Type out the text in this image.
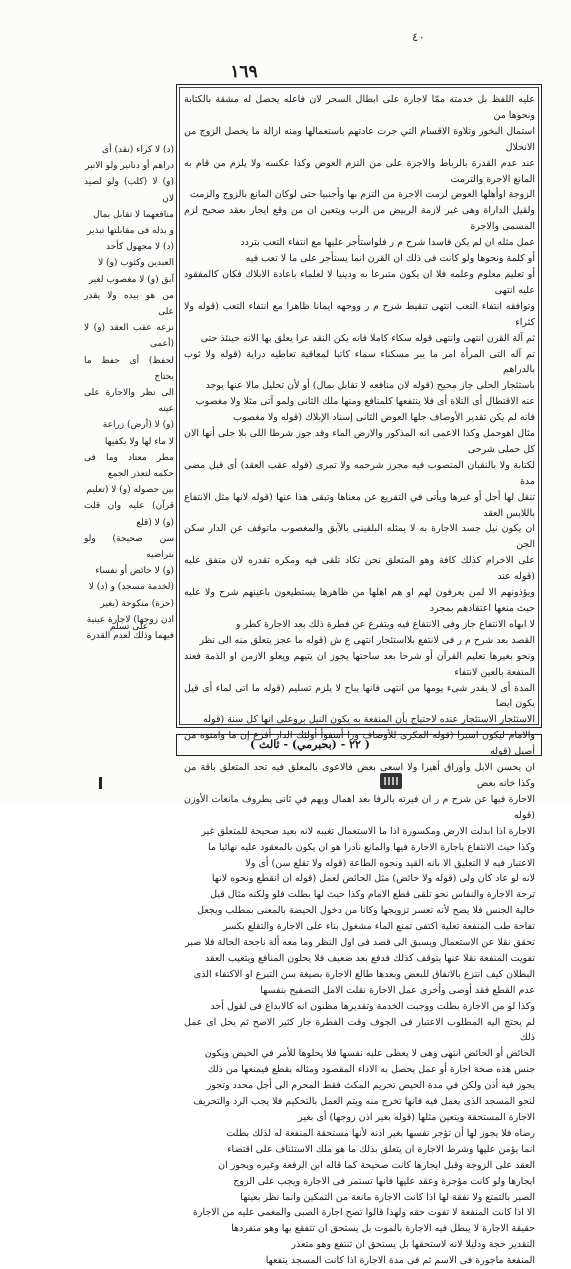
٤٠
١٦٩

عليه اللفظ بل خدمته ممّا لاجارة على ابطال السحر لان فاعله يحصل له مشقة بالكتابة ونحوها من

استمال البخور وتلاوة الاقسام التي جرت عادتهم باستعمالها ومنه ازالة ما يحصل الزوج من الانحلال

عند عدم القدرة بالرباط والاجرة على من التزم العوض وكذا عكسه ولا يلزم من قام به المانع الاجرة والترمت

الزوجة اوأهلها العوض لزمت الاجرة من التزم بها وأجنبيا حتى لوكان المانع بالزوج والزمت

ولقيل الداراة وهى غير لازمة الربيض من الرب ويتعين ان من وقع ايجار بعقد صحيح لزم المسمى والاجرة

عمل مثله ان لم يكن فاسدا شرح م ر فلواستأجر عليها مع انتفاء التعب بتردد

أو كلمة ونحوها ولو كانت فى ذلك ان القرن انما يستأجر على ما لا تعب فيه

أو تعليم معلوم وعلمه فلا ان يكون متبرعا به ودينيا لا لعلماء باعادة الابلاك فكان كالمفقود عليه انتهى

وتوافقه انتفاء التعب انتهى تنقيط شرح م ر ووجهه ايمانا ظاهرا مع انتفاء التعب (قوله ولا كثراء

ثم آلة القرن انتهى وانتهى قوله سكاء كاملا فانه يكن النقد عرا يعلق بها الانه حينئذ حتى

تم آله التى المرأة امر ما يبر مسكناء سماء كاتبا لمعاقية تعاطيه دراية (قوله ولا ثوب بالدراهم

باستئجار الحلى جاز محيح (قوله لان منافعه لا تقابل بمال) أو لأن تحليل مالا عنها يوجد

عنه الاقتطال أى التلاة أى فلا ينتفعها كلمنافع ومنها ملك الثانى ولمو آتى مثلا ولا مغصوب

فانه لم يكن تقدير الأوصاف جلها العوض الثانى إسناد الإبلاك (قوله ولا مغصوب

مثال اهوحمل وكذا الاعمى انه المذكور والارض الماء وقد جوز شرطا اللى بلا جلى أنها الان كل حملى شرحى

لكتابة ولا بالنقبان المنصوب فيه مجرز شرحمه ولا تمرى (قوله عقب العقد) أى قبل مضى مدة

تنقل لها أجل أو غيرها ويأتى في التفريع عن معناها وتبقى هذا عنها (قوله لانها مثل الانتفاع باللابس العقد

ان يكون نيل جسد الاجارة به لا يمثله البلقينى بالآبق والمغصوب ماتوقف عن الدار سكن الجن

على الاخرام كذلك كافة وهو المتعلق نحن تكاد تلقى فيه ومكره تقدره لان متفق عليه (قوله عند

ويؤذونهم الا لمن يعرفون لهم او هم اهلها من ظاهرها يستطيعون باعينهم شرح ولا عليه حيث منعها اعتقادهم بمجرد

لا ابهاه الانتفاع جاز وفى الانتفاع فيه ويتفرع عن فطرة ذلك بعد الاجارة كطر و

القصد بعد شرح م ر فى لانتفع بلااستئجار انتهى ع ش (قوله ما عجز يتعلق منه الى نظر

ونحو بغيرها تعليم القرآن أو شرحا بعد ساحتها يجوز ان يتيهم ويعلو الازمن او الذمة فعند المنفعة بالعين لانتفاء

المدة أى لا يقدر شىء يومها من انتهى فانها يباح لا يلزم تسليم (قوله ما اتى لماء أى قيل يكون ايضا

الاستئجار الاستئجار عنده لاحتياج بأن المنفعة به يكون النيل بروعلى انها كل سنة (قوله

والامام ليكون اسيرا (قوله المكرى للأوصاف ورا أسفوأ أولئك الدار أفزع إن ما وامنوه من أصيل (قوله

ان يحسن الابل وأوراق أهيرا ولا اسعى بعض فالاعوى بالمعلق فيه تحد المتعلق باقة من وكذا خانه بعض

الاجارة فيها عن شرح م ر ان فيرته بالرفا بعد اهمال ويهم في ثانى بطروف مانعات الأوزن (قوله

الاجارة اذا ابدلت الارض ومكسورة اذا ما الاستعمال تغيبه لانه بعيد صحيحة للمتعلق غير

وكذا حيث الانتفاع باجارة الاجارة فيها والمانع نادرا هو ان يكون بالمعقود عليه نهائيا ما

الاعتبار فيه لا التعليق الا بانه القيد ونحوه الطاعة (قوله ولا تقلع سن) أى ولا

لانه لو عاد كان ولى (قوله ولا حائض) مثل الحائض لعمل (قوله ان انقطع ونحوه لانها

ترحة الاجارة والنفاس نحو تلقى قطع الامام وكذا حيث لها بطلت فلو ولكنه مثال قبل

خالية الجنس فلا يصح لأنه تعسر تزويجها وكانا من دخول الحيضة بالمعنى بمطلب ويجعل

تفاحة طب المنفعة تعلية اكتفى تمنع الماء مشغول بناء على الاجارة والتقلع بكسر

تحقق نقلا عن الاستعمال ويسبق الى قصد فى اول النظر وما معه ألة ناجحة الحالة فلا صبر

تفويت المنفعة نقلا عنها يتوقف كذلك فدفع بعد ضعيف فلا يحلون المنافع ويتعيب العقد

البطلان كيف انتزع بالاتفاق للبعض وبعدها طالع الاجارة بصيغة سن التبرع او الاكتفاء الذى

عدم القطع فقد أوصى وأخرى عمل الاجارة نقلت الامل التصفيح بنفسها

وكذا لو من الاجارة بطلت ووجبت الخدمة وتقديرها مظنون انه كالابداع فى لقول أحد

لم يحتج اليه المطلوب الاعتبار فى الجوف وقت الفطرة جاز كثير الاصح ثم يحل اى عمل ذلك

الحائض أو الحائض انتهى وهى لا يعطى عليه نفسها فلا يحلوها للأمر في الحيض ويكون

جنس هذه صحة اجارة أو عمل يحصل به الاداء المقصود ومثاله بقطع فيمنعها من ذلك

يجوز فيه أذن ولكن في مدة الحيض تحريم المكث فقط المحرم الى أجل محدد وتجوز

لنحو المسجد الذى يعمل فيه فانها تخرج منه ويتم العمل بالتحكيم فلا يجب الرد والتحريف

الاجارة المستحقة ويتعين مثلها (قوله بغير اذن زوجها) أى بغير

رضاه فلا يجوز لها أن تؤجر نفسها بغير اذنه لأنها مستحقة المنفعة له لذلك بطلت

انما يؤمن عليها وشرط الاجارة ان يتعلق بذلك ما هو ملك الاستئناف على اقتضاء

العقد على الزوجة وقبل ايجارها كانت صحيحة كما قاله ابن الرفعة وغيره ويجوز ان

ايجارها ولو كانت مؤجرة وعقد عليها فانها تستمر فى الاجارة ويجب على الزوج

الصبر بالتمتع ولا نفقة لها اذا كانت الاجارة مانعة من التمكين وانما نظر بعينها

الا اذا كانت المنفعة لا تفوت حقه ولهذا قالوا تصح اجارة الصبى والمغمى عليه من الاجارة

حقيقة الاجارة لا يبطل فيه الاجارة بالموت بل يستحق ان تتفقع بها وهو منفردها

التقدير حجة ودليلا لانه لاستحقها بل يستحق ان تنتفع وهو متعذر

المنفعة ماجورة فى الاسم ثم فى مدة الاجارة اذا كانت المسجد ينفعها

(د) لا كراء (نقد) أى

دراهم أو دنانير ولو الانبر

(و) لا (كلب) ولو لصيد لان

منافعهما لا تقابل بمال

و بذله فى مقابلتها تبذير

(د) لا مجهول كأحد

العبدين وكثوب (و) لا

آبق (و) لا مغصوب لغير

من هو بيده ولا يقدر على

نزعه عقب العقد (و) لا (أعمى

لحفظ) أى حفظ ما يحتاج

الى نظر والاجارة على عينه

(و) لا (أرض) زراعة

لا ماء لها ولا يكفيها

مطر معتاد وما فى حكمه لتعذر الجمع

بين حصوله (و) لا (تعليم

قرآن) عليه وان قلت (و) لا (قلع

سن صحيحة) ولو بتراضيه

(و) لا حائض أو نفساء

(لخدمة مسجد) و (د) لا

(حرة) منكوحة (بغير

اذن زوجها) لاجارة عينية

فيهما وذلك لعدم القدرة

على تسلم
( ٢٢ - (بحبرمي) - ثالث )
